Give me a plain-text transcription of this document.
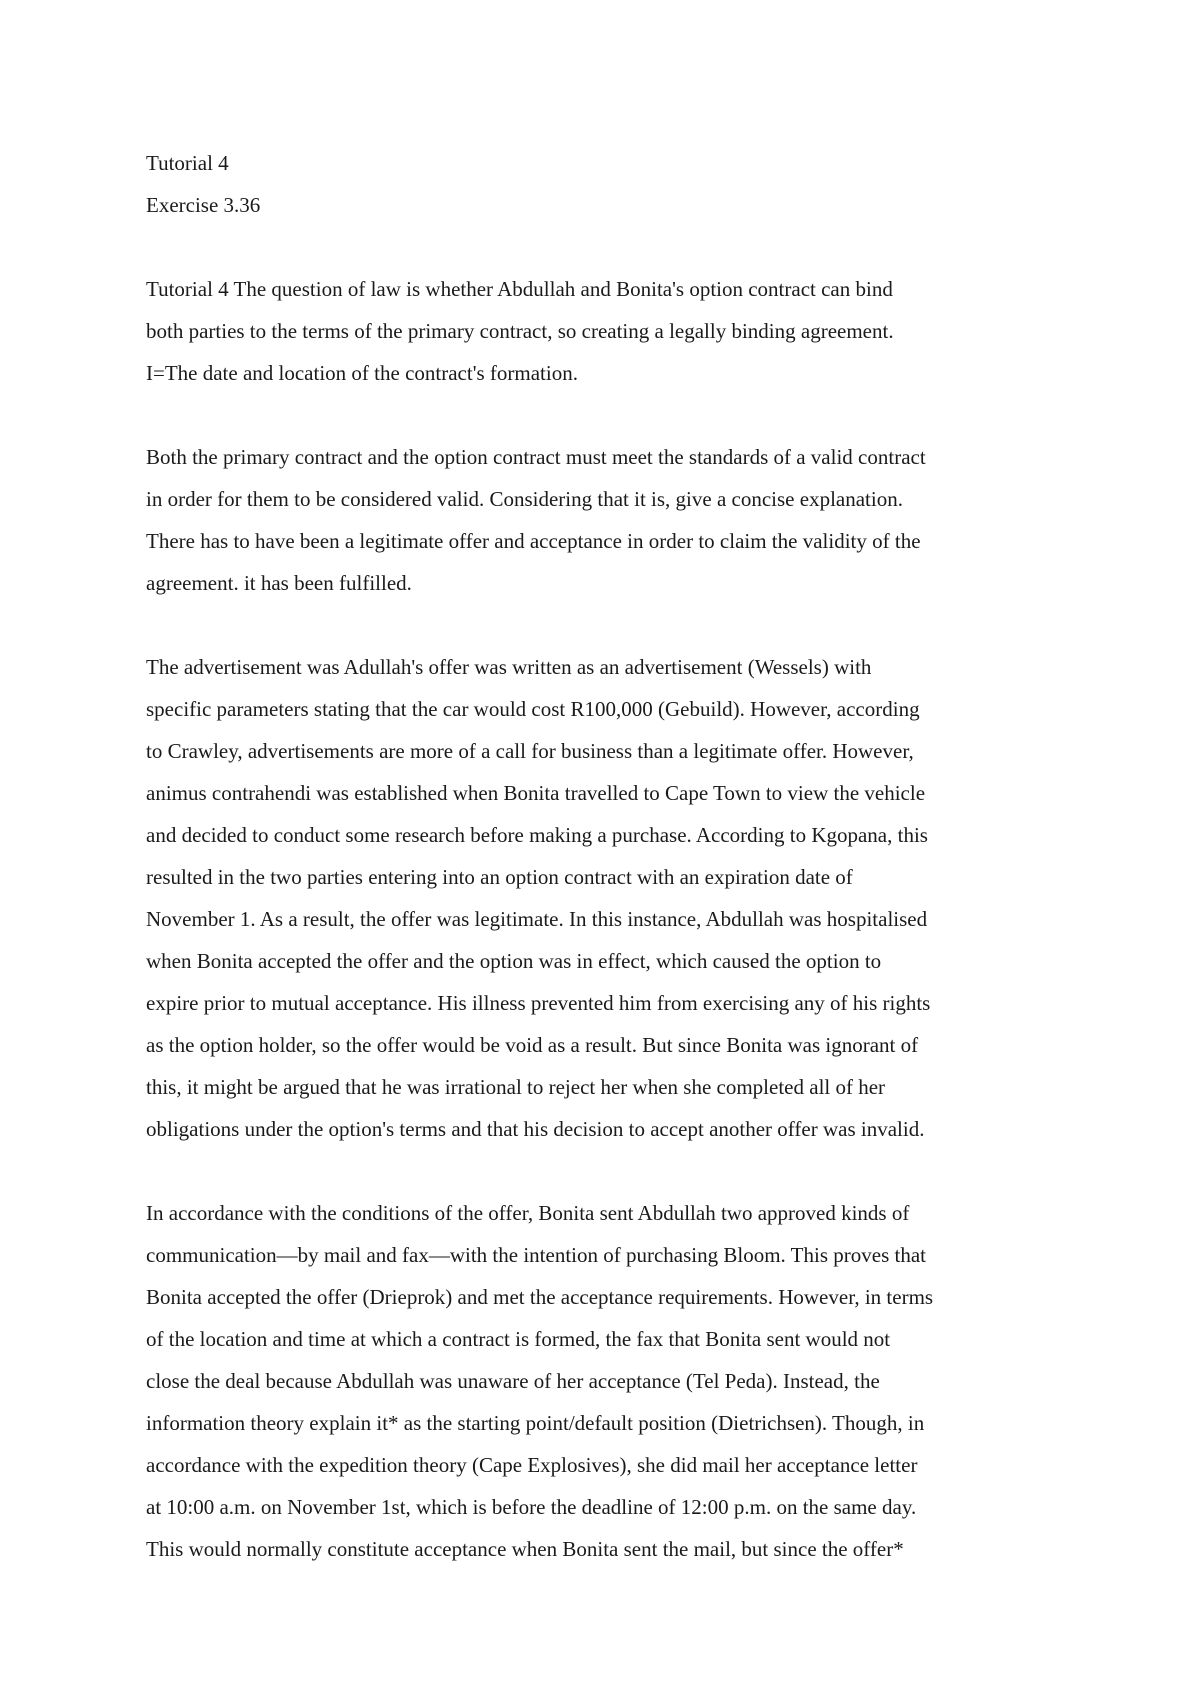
Tutorial 4

Exercise 3.36

Tutorial 4 The question of law is whether Abdullah and Bonita's option contract can bind

both parties to the terms of the primary contract, so creating a legally binding agreement.

I=The date and location of the contract's formation.

Both the primary contract and the option contract must meet the standards of a valid contract

in order for them to be considered valid. Considering that it is, give a concise explanation.

There has to have been a legitimate offer and acceptance in order to claim the validity of the

agreement. it has been fulfilled.

The advertisement was Adullah's offer was written as an advertisement (Wessels) with

specific parameters stating that the car would cost R100,000 (Gebuild). However, according

to Crawley, advertisements are more of a call for business than a legitimate offer. However,

animus contrahendi was established when Bonita travelled to Cape Town to view the vehicle

and decided to conduct some research before making a purchase. According to Kgopana, this

resulted in the two parties entering into an option contract with an expiration date of

November 1. As a result, the offer was legitimate. In this instance, Abdullah was hospitalised

when Bonita accepted the offer and the option was in effect, which caused the option to

expire prior to mutual acceptance. His illness prevented him from exercising any of his rights

as the option holder, so the offer would be void as a result. But since Bonita was ignorant of

this, it might be argued that he was irrational to reject her when she completed all of her

obligations under the option's terms and that his decision to accept another offer was invalid.

In accordance with the conditions of the offer, Bonita sent Abdullah two approved kinds of

communication—by mail and fax—with the intention of purchasing Bloom. This proves that

Bonita accepted the offer (Drieprok) and met the acceptance requirements. However, in terms

of the location and time at which a contract is formed, the fax that Bonita sent would not

close the deal because Abdullah was unaware of her acceptance (Tel Peda). Instead, the

information theory explain it* as the starting point/default position (Dietrichsen). Though, in

accordance with the expedition theory (Cape Explosives), she did mail her acceptance letter

at 10:00 a.m. on November 1st, which is before the deadline of 12:00 p.m. on the same day.

This would normally constitute acceptance when Bonita sent the mail, but since the offer*
